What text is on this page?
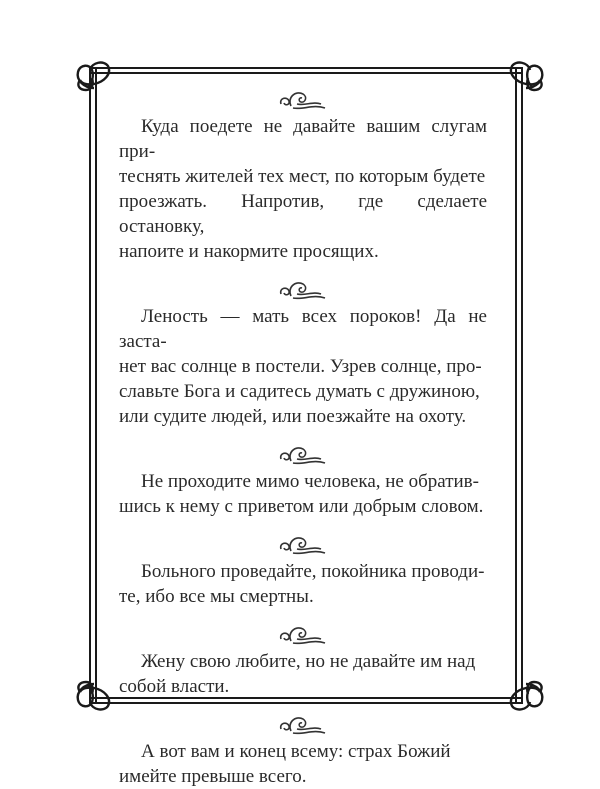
Куда поедете не давайте вашим слугам при-
теснять жителей тех мест, по которым будете
проезжать. Напротив, где сделаете остановку,
напоите и накормите просящих.

Леность — мать всех пороков! Да не заста-
нет вас солнце в постели. Узрев солнце, про-
славьте Бога и садитесь думать с дружиною,
или судите людей, или поезжайте на охоту.

Не проходите мимо человека, не обратив-
шись к нему с приветом или добрым словом.

Больного проведайте, покойника проводи-
те, ибо все мы смертны.

Жену свою любите, но не давайте им над
собой власти.

А вот вам и конец всему: страх Божий
имейте превыше всего.
